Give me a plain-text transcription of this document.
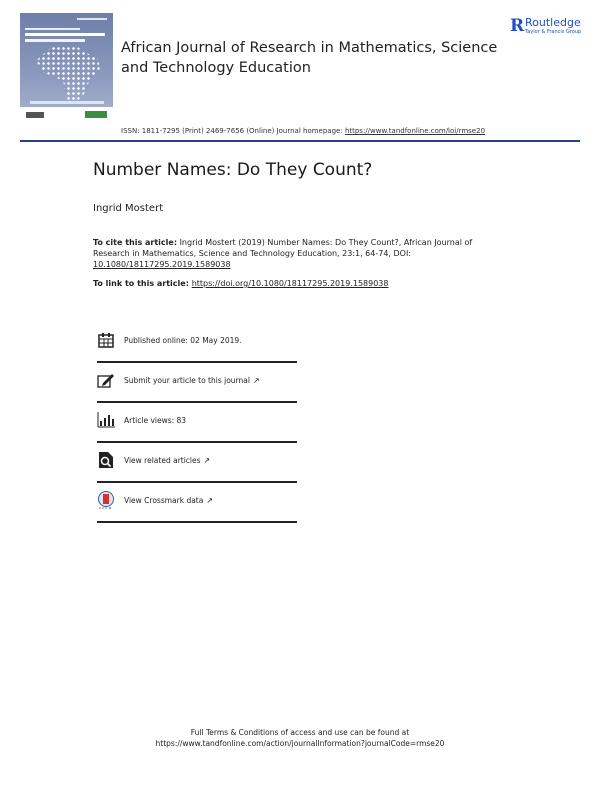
African Journal of Research in Mathematics, Science and Technology Education
R Routledge
Taylor & Francis Group
ISSN: 1811-7295 (Print) 2469-7656 (Online) Journal homepage: https://www.tandfonline.com/loi/rmse20
Number Names: Do They Count?
Ingrid Mostert
To cite this article: Ingrid Mostert (2019) Number Names: Do They Count?, African Journal of Research in Mathematics, Science and Technology Education, 23:1, 64-74, DOI: 10.1080/18117295.2019.1589038
To link to this article: https://doi.org/10.1080/18117295.2019.1589038
Published online: 02 May 2019.
Submit your article to this journal ↗
Article views: 83
View related articles ↗
View Crossmark data ↗
Full Terms & Conditions of access and use can be found at
https://www.tandfonline.com/action/journalInformation?journalCode=rmse20
